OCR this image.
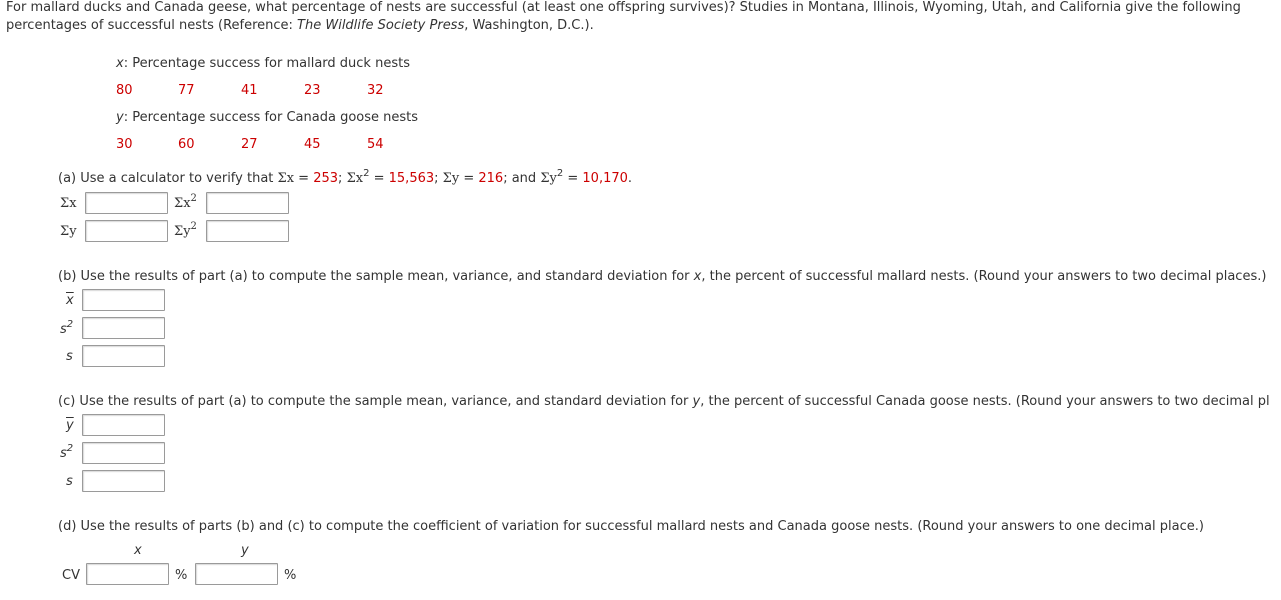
For mallard ducks and Canada geese, what percentage of nests are successful (at least one offspring survives)? Studies in Montana, Illinois, Wyoming, Utah, and California give the following
percentages of successful nests (Reference: The Wildlife Society Press, Washington, D.C.).
x: Percentage success for mallard duck nests
80	77	41	23	32
y: Percentage success for Canada goose nests
30	60	27	45	54
(a) Use a calculator to verify that Σx = 253; $\Sigma x^2 = 15,563$; Σy = 216; and $\Sigma y^2 = 10,170$.
Σx	$\Sigma x^2$
Σy	$\Sigma y^2$
(b) Use the results of part (a) to compute the sample mean, variance, and standard deviation for x, the percent of successful mallard nests. (Round your answers to two decimal places.)
$\overline{x}$
$s^2$
s
(c) Use the results of part (a) to compute the sample mean, variance, and standard deviation for y, the percent of successful Canada goose nests. (Round your answers to two decimal pl
$\overline{y}$
$s^2$
s
(d) Use the results of parts (b) and (c) to compute the coefficient of variation for successful mallard nests and Canada goose nests. (Round your answers to one decimal place.)
x	y
CV	%	%
